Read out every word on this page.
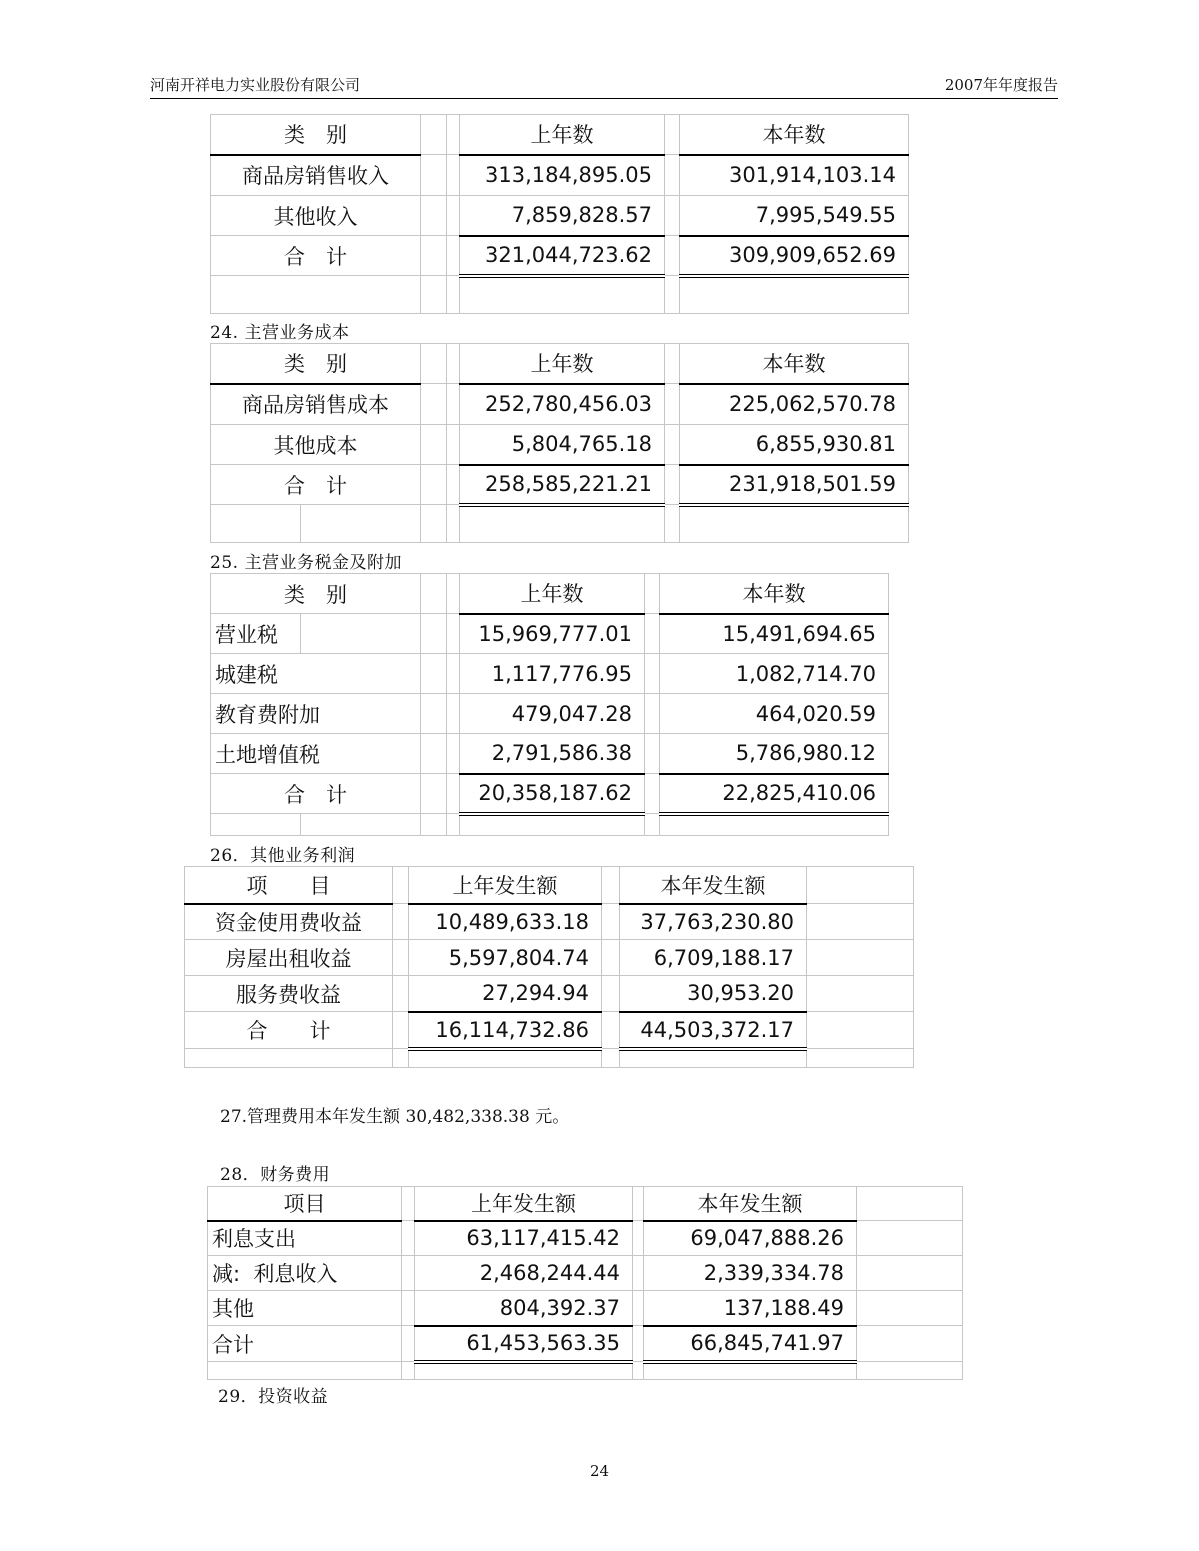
河南开祥电力实业股份有限公司	2007年年度报告
类　别			上年数		本年数
商品房销售收入			313,184,895.05		301,914,103.14
其他收入			7,859,828.57		7,995,549.55
合　计			321,044,723.62		309,909,652.69

24. 主营业务成本
类　别				上年数		本年数
商品房销售成本				252,780,456.03		225,062,570.78
其他成本				5,804,765.18		6,855,930.81
合　计				258,585,221.21		231,918,501.59

25. 主营业务税金及附加
类　别				上年数		本年数
营业税				15,969,777.01		15,491,694.65
城建税				1,117,776.95		1,082,714.70
教育费附加				479,047.28		464,020.59
土地增值税				2,791,586.38		5,786,980.12
合　计				20,358,187.62		22,825,410.06

26．其他业务利润
项　　目		上年发生额		本年发生额	
资金使用费收益		10,489,633.18		37,763,230.80	
房屋出租收益		5,597,804.74		6,709,188.17	
服务费收益		27,294.94		30,953.20	
合　　计		16,114,732.86		44,503,372.17	

27.管理费用本年发生额 30,482,338.38 元。
28．财务费用
项目		上年发生额		本年发生额	
利息支出		63,117,415.42		69,047,888.26	
减:  利息收入		2,468,244.44		2,339,334.78	
其他		804,392.37		137,188.49	
合计		61,453,563.35		66,845,741.97	

29．投资收益
24
